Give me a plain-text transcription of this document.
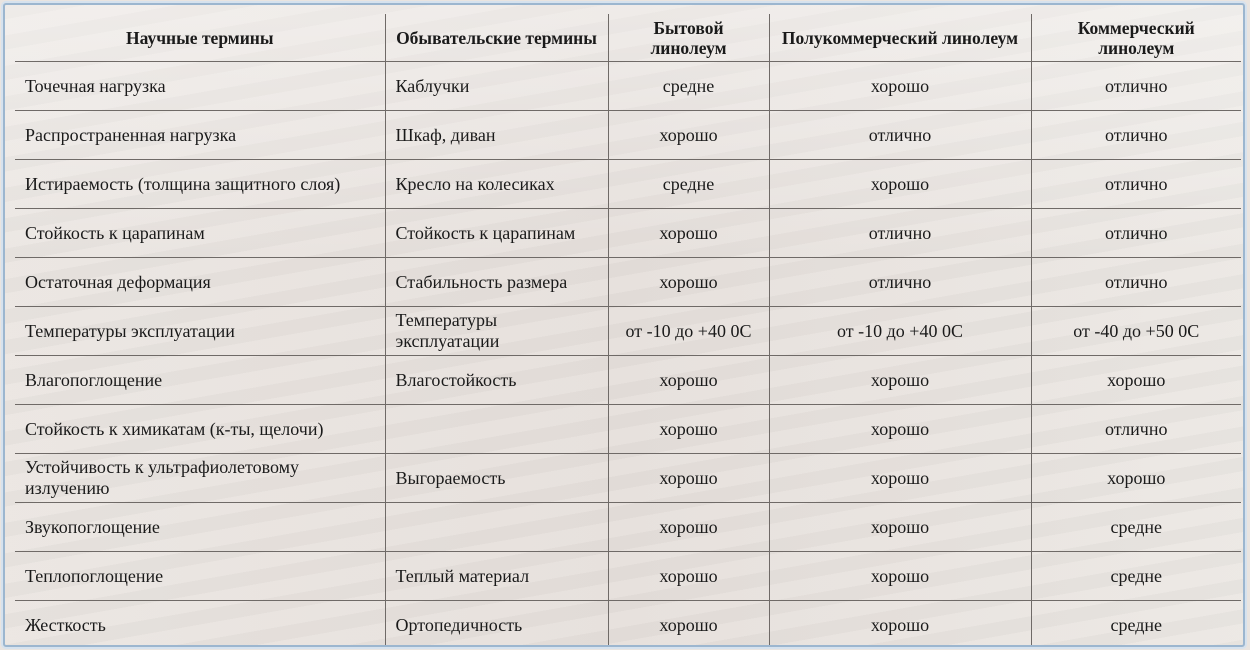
Научные термины	Обывательские термины	Бытовой линолеум	Полукоммерческий линолеум	Коммерческий линолеум
Точечная нагрузка	Каблучки	средне	хорошо	отлично
Распространенная нагрузка	Шкаф, диван	хорошо	отлично	отлично
Истираемость (толщина защитного слоя)	Кресло на колесиках	средне	хорошо	отлично
Стойкость к царапинам	Стойкость к царапинам	хорошо	отлично	отлично
Остаточная деформация	Стабильность размера	хорошо	отлично	отлично
Температуры эксплуатации	Температуры эксплуатации	от -10 до +40 0С	от -10 до +40 0С	от -40 до +50 0С
Влагопоглощение	Влагостойкость	хорошо	хорошо	хорошо
Стойкость к химикатам (к-ты, щелочи)		хорошо	хорошо	отлично
Устойчивость к ультрафиолетовому излучению	Выгораемость	хорошо	хорошо	хорошо
Звукопоглощение		хорошо	хорошо	средне
Теплопоглощение	Теплый материал	хорошо	хорошо	средне
Жесткость	Ортопедичность	хорошо	хорошо	средне
